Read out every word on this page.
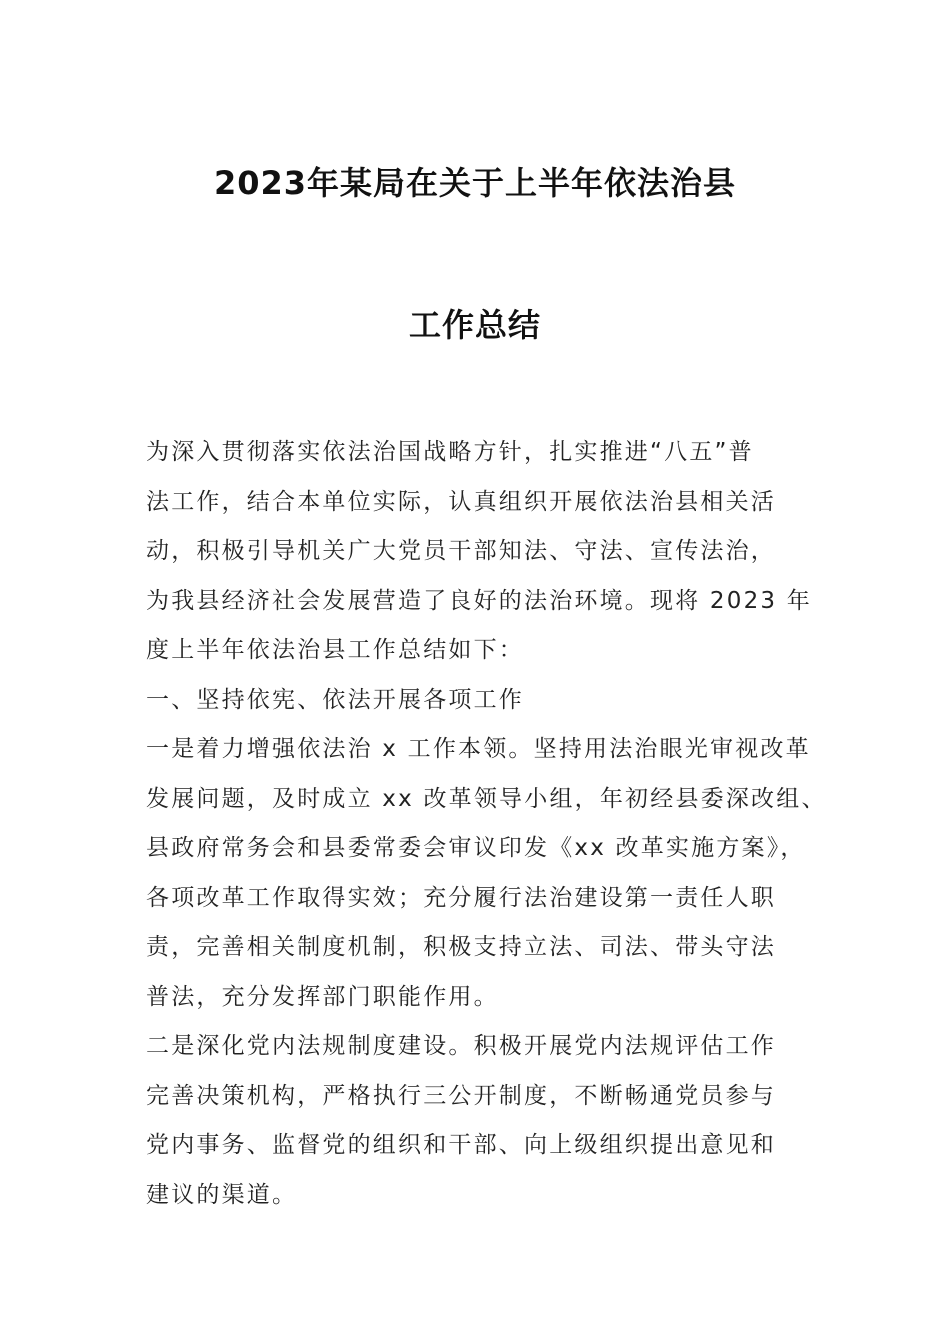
2023年某局在关于上半年依法治县
工作总结
为深入贯彻落实依法治国战略方针，扎实推进“八五”普
法工作，结合本单位实际，认真组织开展依法治县相关活
动，积极引导机关广大党员干部知法、守法、宣传法治，
为我县经济社会发展营造了良好的法治环境。现将 2023 年
度上半年依法治县工作总结如下：
一、坚持依宪、依法开展各项工作
一是着力增强依法治 x 工作本领。坚持用法治眼光审视改革
发展问题，及时成立 xx 改革领导小组，年初经县委深改组、
县政府常务会和县委常委会审议印发《xx 改革实施方案》，
各项改革工作取得实效；充分履行法治建设第一责任人职
责，完善相关制度机制，积极支持立法、司法、带头守法
普法，充分发挥部门职能作用。
二是深化党内法规制度建设。积极开展党内法规评估工作
完善决策机构，严格执行三公开制度，不断畅通党员参与
党内事务、监督党的组织和干部、向上级组织提出意见和
建议的渠道。
